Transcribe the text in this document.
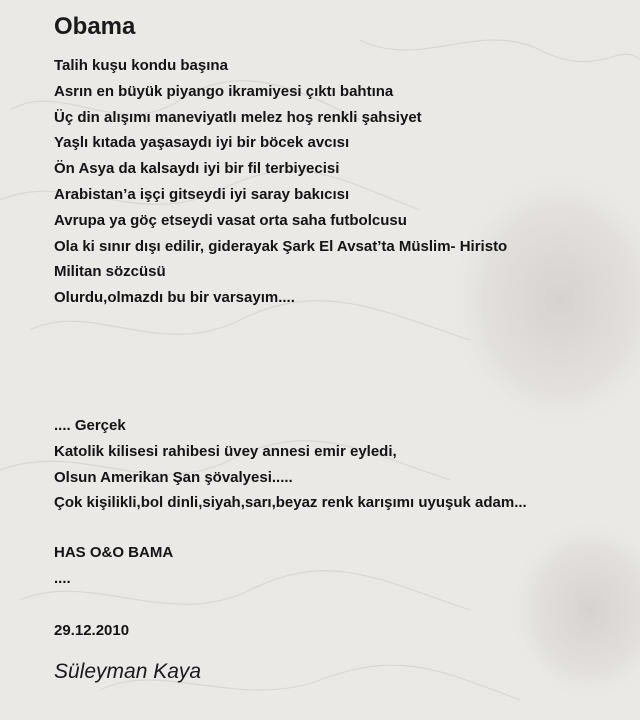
Obama
Talih kuşu kondu başına
Asrın en büyük piyango ikramiyesi çıktı bahtına
Üç din alışımı maneviyatlı melez hoş renkli şahsiyet
Yaşlı kıtada yaşasaydı iyi bir böcek avcısı
Ön Asya da kalsaydı iyi bir fil terbiyecisi
Arabistan’a işçi gitseydi iyi saray bakıcısı
Avrupa ya göç etseydi vasat orta saha futbolcusu
Ola ki sınır dışı edilir, giderayak Şark El Avsat’ta Müslim- Hiristo
Militan sözcüsü
Olurdu,olmazdı bu bir varsayım....
.... Gerçek
Katolik kilisesi rahibesi üvey annesi emir eyledi,
Olsun Amerikan Şan şövalyesi.....
Çok kişilikli,bol dinli,siyah,sarı,beyaz renk karışımı uyuşuk adam...
HAS O&O BAMA
....
29.12.2010
Süleyman Kaya
